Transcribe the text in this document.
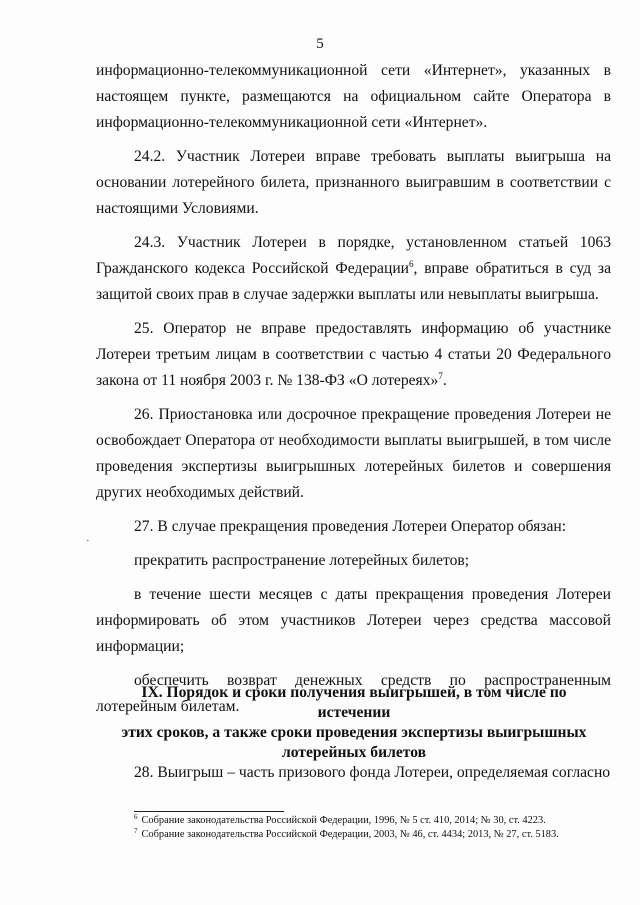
5

информационно-телекоммуникационной сети «Интернет», указанных в настоящем пункте, размещаются на официальном сайте Оператора в информационно-телекоммуникационной сети «Интернет».

24.2. Участник Лотереи вправе требовать выплаты выигрыша на основании лотерейного билета, признанного выигравшим в соответствии с настоящими Условиями.

24.3. Участник Лотереи в порядке, установленном статьей 1063 Гражданского кодекса Российской Федерации$^6$, вправе обратиться в суд за защитой своих прав в случае задержки выплаты или невыплаты выигрыша.

25. Оператор не вправе предоставлять информацию об участнике Лотереи третьим лицам в соответствии с частью 4 статьи 20 Федерального закона от 11 ноября 2003 г. № 138-ФЗ «О лотереях»$^7$.

26. Приостановка или досрочное прекращение проведения Лотереи не освобождает Оператора от необходимости выплаты выигрышей, в том числе проведения экспертизы выигрышных лотерейных билетов и совершения других необходимых действий.

27. В случае прекращения проведения Лотереи Оператор обязан:

прекратить распространение лотерейных билетов;

в течение шести месяцев с даты прекращения проведения Лотереи информировать об этом участников Лотереи через средства массовой информации;

обеспечить возврат денежных средств по распространенным лотерейным билетам.

·
IX. Порядок и сроки получения выигрышей, в том числе по истечении
этих сроков, а также сроки проведения экспертизы выигрышных
лотерейных билетов

28. Выигрыш – часть призового фонда Лотереи, определяемая согласно

$^6$ Собрание законодательства Российской Федерации, 1996, № 5 ст. 410, 2014; № 30, ст. 4223.
$^7$ Собрание законодательства Российской Федерации, 2003, № 46, ст. 4434; 2013, № 27, ст. 5183.
